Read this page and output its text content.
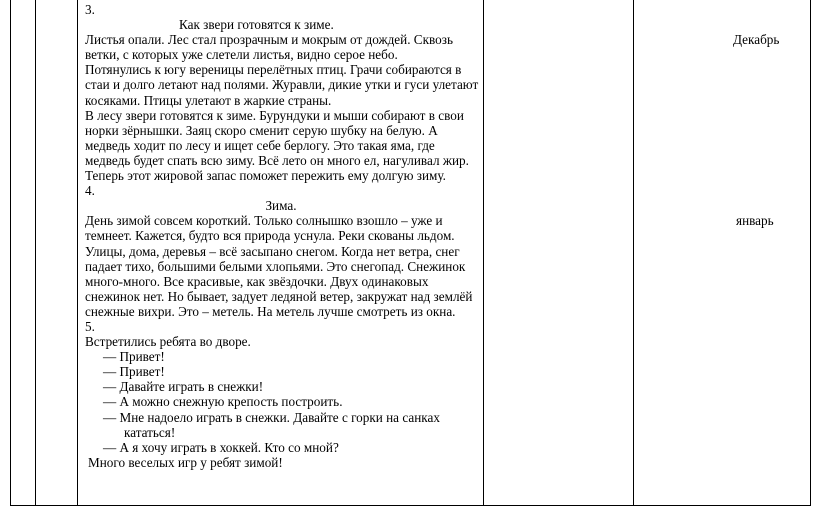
3.
Как звери готовятся к зиме.
Листья опали. Лес стал прозрачным и мокрым от дождей. Сквозь
ветки, с которых уже слетели листья, видно серое небо.
Потянулись к югу вереницы перелётных птиц. Грачи собираются в
стаи и долго летают над полями. Журавли, дикие утки и гуси улетают
косяками. Птицы улетают в жаркие страны.
В лесу звери готовятся к зиме. Бурундуки и мыши собирают в свои
норки зёрнышки. Заяц скоро сменит серую шубку на белую. А
медведь ходит по лесу и ищет себе берлогу. Это такая яма, где
медведь будет спать всю зиму. Всё лето он много ел, нагуливал жир.
Теперь этот жировой запас поможет пережить ему долгую зиму.
4.
Зима.
День зимой совсем короткий. Только солнышко взошло – уже и
темнеет. Кажется, будто вся природа уснула. Реки скованы льдом.
Улицы, дома, деревья – всё засыпано снегом. Когда нет ветра, снег
падает тихо, большими белыми хлопьями. Это снегопад. Снежинок
много-много. Все красивые, как звёздочки. Двух одинаковых
снежинок нет. Но бывает, задует ледяной ветер, закружат над землёй
снежные вихри. Это – метель. На метель лучше смотреть из окна.
5.
Встретились ребята во дворе.
— Привет!
— Привет!
— Давайте играть в снежки!
— А можно снежную крепость построить.
— Мне надоело играть в снежки. Давайте с горки на санках
кататься!
— А я хочу играть в хоккей. Кто со мной?
Много веселых игр у ребят зимой!
Декабрь
январь
